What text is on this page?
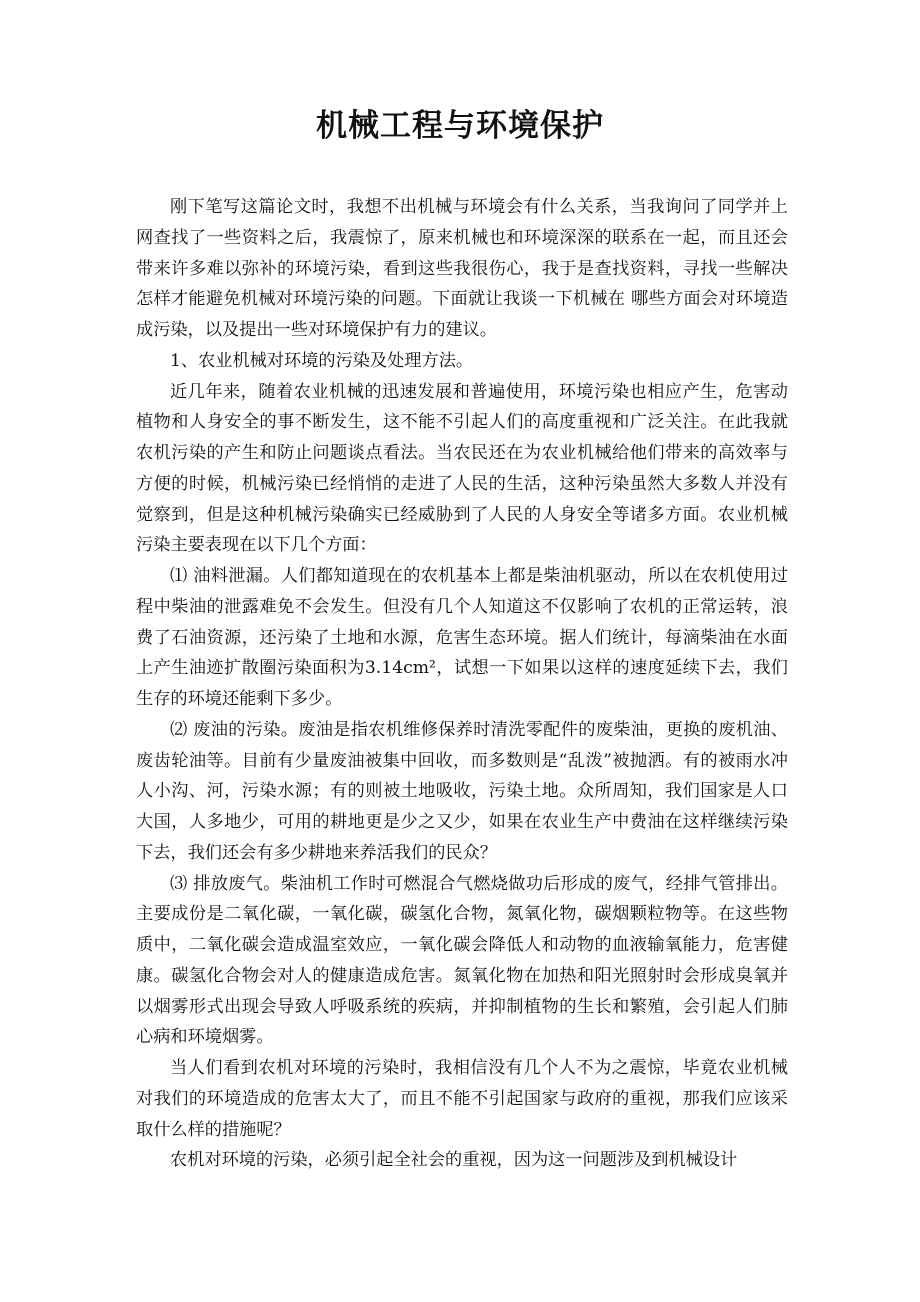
机械工程与环境保护

刚下笔写这篇论文时，我想不出机械与环境会有什么关系，当我询问了同学并上网查找了一些资料之后，我震惊了，原来机械也和环境深深的联系在一起，而且还会带来许多难以弥补的环境污染，看到这些我很伤心，我于是查找资料，寻找一些解决怎样才能避免机械对环境污染的问题。下面就让我谈一下机械在 哪些方面会对环境造成污染，以及提出一些对环境保护有力的建议。

1、农业机械对环境的污染及处理方法。

近几年来，随着农业机械的迅速发展和普遍使用，环境污染也相应产生，危害动植物和人身安全的事不断发生，这不能不引起人们的高度重视和广泛关注。在此我就农机污染的产生和防止问题谈点看法。当农民还在为农业机械给他们带来的高效率与方便的时候，机械污染已经悄悄的走进了人民的生活，这种污染虽然大多数人并没有觉察到，但是这种机械污染确实已经威胁到了人民的人身安全等诸多方面。农业机械污染主要表现在以下几个方面：

⑴ 油料泄漏。人们都知道现在的农机基本上都是柴油机驱动，所以在农机使用过程中柴油的泄露难免不会发生。但没有几个人知道这不仅影响了农机的正常运转，浪费了石油资源，还污染了土地和水源，危害生态环境。据人们统计，每滴柴油在水面上产生油迹扩散圈污染面积为3.14cm²，试想一下如果以这样的速度延续下去，我们生存的环境还能剩下多少。

⑵ 废油的污染。废油是指农机维修保养时清洗零配件的废柴油，更换的废机油、废齿轮油等。目前有少量废油被集中回收，而多数则是“乱泼”被抛洒。有的被雨水冲人小沟、河，污染水源；有的则被土地吸收，污染土地。众所周知，我们国家是人口大国，人多地少，可用的耕地更是少之又少，如果在农业生产中费油在这样继续污染下去，我们还会有多少耕地来养活我们的民众？

⑶ 排放废气。柴油机工作时可燃混合气燃烧做功后形成的废气，经排气管排出。主要成份是二氧化碳，一氧化碳，碳氢化合物，氮氧化物，碳烟颗粒物等。在这些物质中，二氧化碳会造成温室效应，一氧化碳会降低人和动物的血液输氧能力，危害健康。碳氢化合物会对人的健康造成危害。氮氧化物在加热和阳光照射时会形成臭氧并以烟雾形式出现会导致人呼吸系统的疾病，并抑制植物的生长和繁殖，会引起人们肺心病和环境烟雾。

当人们看到农机对环境的污染时，我相信没有几个人不为之震惊，毕竟农业机械对我们的环境造成的危害太大了，而且不能不引起国家与政府的重视，那我们应该采取什么样的措施呢？

农机对环境的污染，必须引起全社会的重视，因为这一问题涉及到机械设计
